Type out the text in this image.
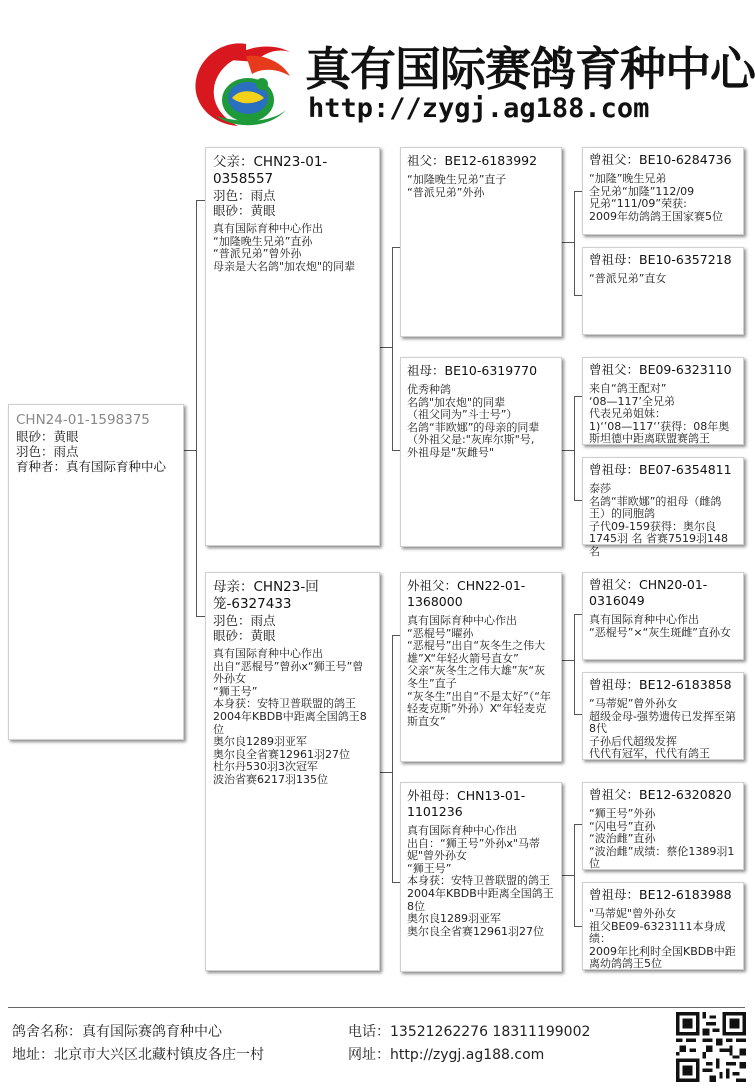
真有国际赛鸽育种中心
http://zygj.ag188.com
CHN24-01-1598375
眼砂：黄眼
羽色：雨点
育种者：真有国际育种中心
父亲：CHN23-01-0358557
羽色：雨点
眼砂：黄眼
真有国际育种中心作出
“加隆晚生兄弟”直孙
“普派兄弟”曾外孙
母亲是大名鸽"加农炮"的同辈
母亲：CHN23-回笼-6327433
羽色：雨点
眼砂：黄眼
真有国际育种中心作出
出自“恶棍号”曾孙x“狮王号”曾外孙女
“狮王号”
本身获：安特卫普联盟的鸽王
2004年KBDB中距离全国鸽王8位
奥尔良1289羽亚军
奥尔良全省赛12961羽27位
杜尔丹530羽3次冠军
波治省赛6217羽135位
祖父：BE12-6183992
“加隆晚生兄弟”直子
“普派兄弟”外孙
祖母：BE10-6319770
优秀种鸽
名鸽"加农炮"的同辈
（祖父同为”斗士号”）
名鸽“菲欧娜”的母亲的同辈
（外祖父是:"灰库尔斯"号,
外祖母是"灰雌号"
外祖父：CHN22-01-1368000
真有国际育种中心作出
“恶棍号”曜孙
“恶棍号”出自“灰冬生之伟大雄”X“年轻火箭号直女”
父亲“灰冬生之伟大雄”灰“灰冬生”直子
“灰冬生”出自“不是太好”（“年轻麦克斯”外孙）X“年轻麦克斯直女”
外祖母：CHN13-01-1101236
真有国际育种中心作出
出自：“狮王号”外孙x"马蒂妮"曾外孙女
“狮王号”
本身获：安特卫普联盟的鸽王
2004年KBDB中距离全国鸽王8位
奥尔良1289羽亚军
奥尔良全省赛12961羽27位
曾祖父：BE10-6284736
“加隆”晚生兄弟
全兄弟“加隆”112/09
兄弟“111/09”荣获:
2009年幼鸽鸽王国家赛5位
曾祖母：BE10-6357218
“普派兄弟”直女
曾祖父：BE09-6323110
来自“鸽王配对”
‘08—117’全兄弟
代表兄弟姐妹：
1)‘’08—117‘’获得：08年奥斯坦德中距离联盟赛鸽王
曾祖母：BE07-6354811
泰莎
名鸽“菲欧娜”的祖母（雌鸽王）的同胞鸽
子代09-159获得：奥尔良1745羽 名 省赛7519羽148名
曾祖父：CHN20-01-0316049
真有国际育种中心作出
“恶棍号”×“灰生斑雌”直孙女
曾祖母：BE12-6183858
“马蒂妮”曾外孙女
超级金母-强势遗传已发挥至第8代
子孙后代超级发挥
代代有冠军，代代有鸽王
曾祖父：BE12-6320820
“狮王号”外孙
“闪电号”直孙
“波治雌”直孙
“波治雌”成绩：蔡伦1389羽1位
曾祖母：BE12-6183988
"马蒂妮"曾外孙女
祖父BE09-6323111本身成绩：
2009年比利时全国KBDB中距离幼鸽鸽王5位
鸽舍名称：真有国际赛鸽育种中心
地址：北京市大兴区北藏村镇皮各庄一村
电话：13521262276 18311199002
网址：http://zygj.ag188.com
